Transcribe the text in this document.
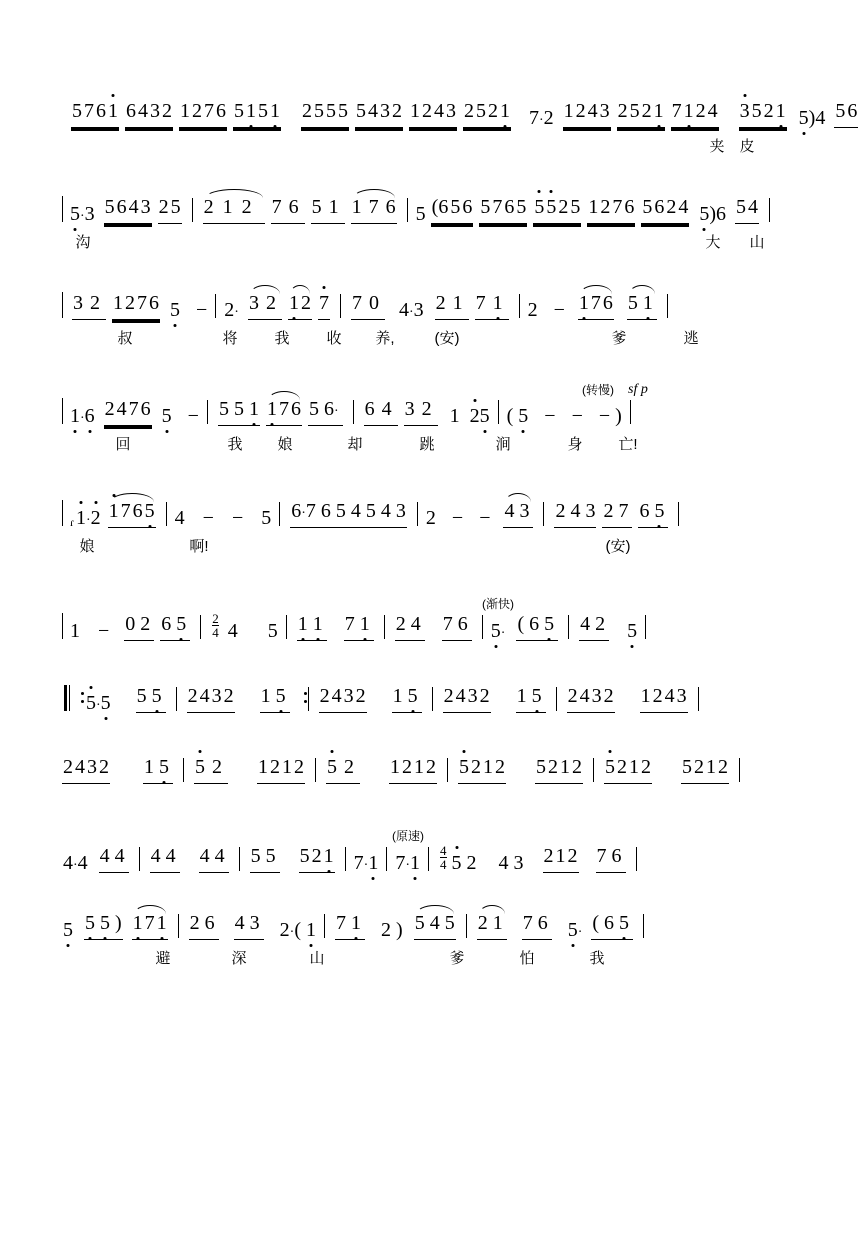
5 7 6 1 6 4 3 2 1 2 7 6 5 1 5 1 2 5 5 5 5 4 3 2 1 2 4 3 2 5 2 1 7·2 1 2 4 3 2 5 2 1 7 1 2 4 3 5 2 1 5)4 5 6
夹 皮
5·3 5 6 4 3 2 5 2 1 2	7 6 5 1 1 7 6 5 (6 5 6 5 7 6 5 5 5 2 5 1 2 7 6 5 6 2 4 5)6 5 4
沟	大	山
3 2 1 2 7 6 5 − 2· 3 2 1 2 7 7 0	4·3 2 1 7 1	2 − 1 7 6 5 1
叔	将	我	收	养,	(安)	爹	逃
(转慢) sf p
1·6 2 4 7 6 5 − 5 5 1 1 7 6 5 6· 6 4 3 2 1 25 ( 5 − − − )
回	我	娘	却	跳	涧	身	亡!
ɾ 1·2 1 7 6 5 4 − − 5 6·7 6 5 4 5 4 3 2 − − 4 3 2 4 3 2 7 6 5
娘	啊!	(安)
(渐快)
1 − 0 2 6 5	2
4 4 5 1 1 7 1 2 4 7 6 5· ( 6 5 4 2 5
5·5 5 5 2 4 3 2 1 5 2 4 3 2 1 5 2 4 3 2 1 5 2 4 3 2 1 2 4 3
2 4 3 2 1 5 5 2	1 2 1 2 5 2	1 2 1 2 5 2 1 2 5 2 1 2 5 2 1 2 5 2 1 2
(原速)
4·4 4 4 4 4 4 4 5 5 5 2 1 7·1 7·1
4
4 5 2 4 3 2 1 2 7 6
5 5 5 ) 1 7 1 2 6 4 3 2·( 1 7 1 2 ) 5 4 5 2 1 7 6 5· ( 6 5
避	深	山	爹	怕	我
